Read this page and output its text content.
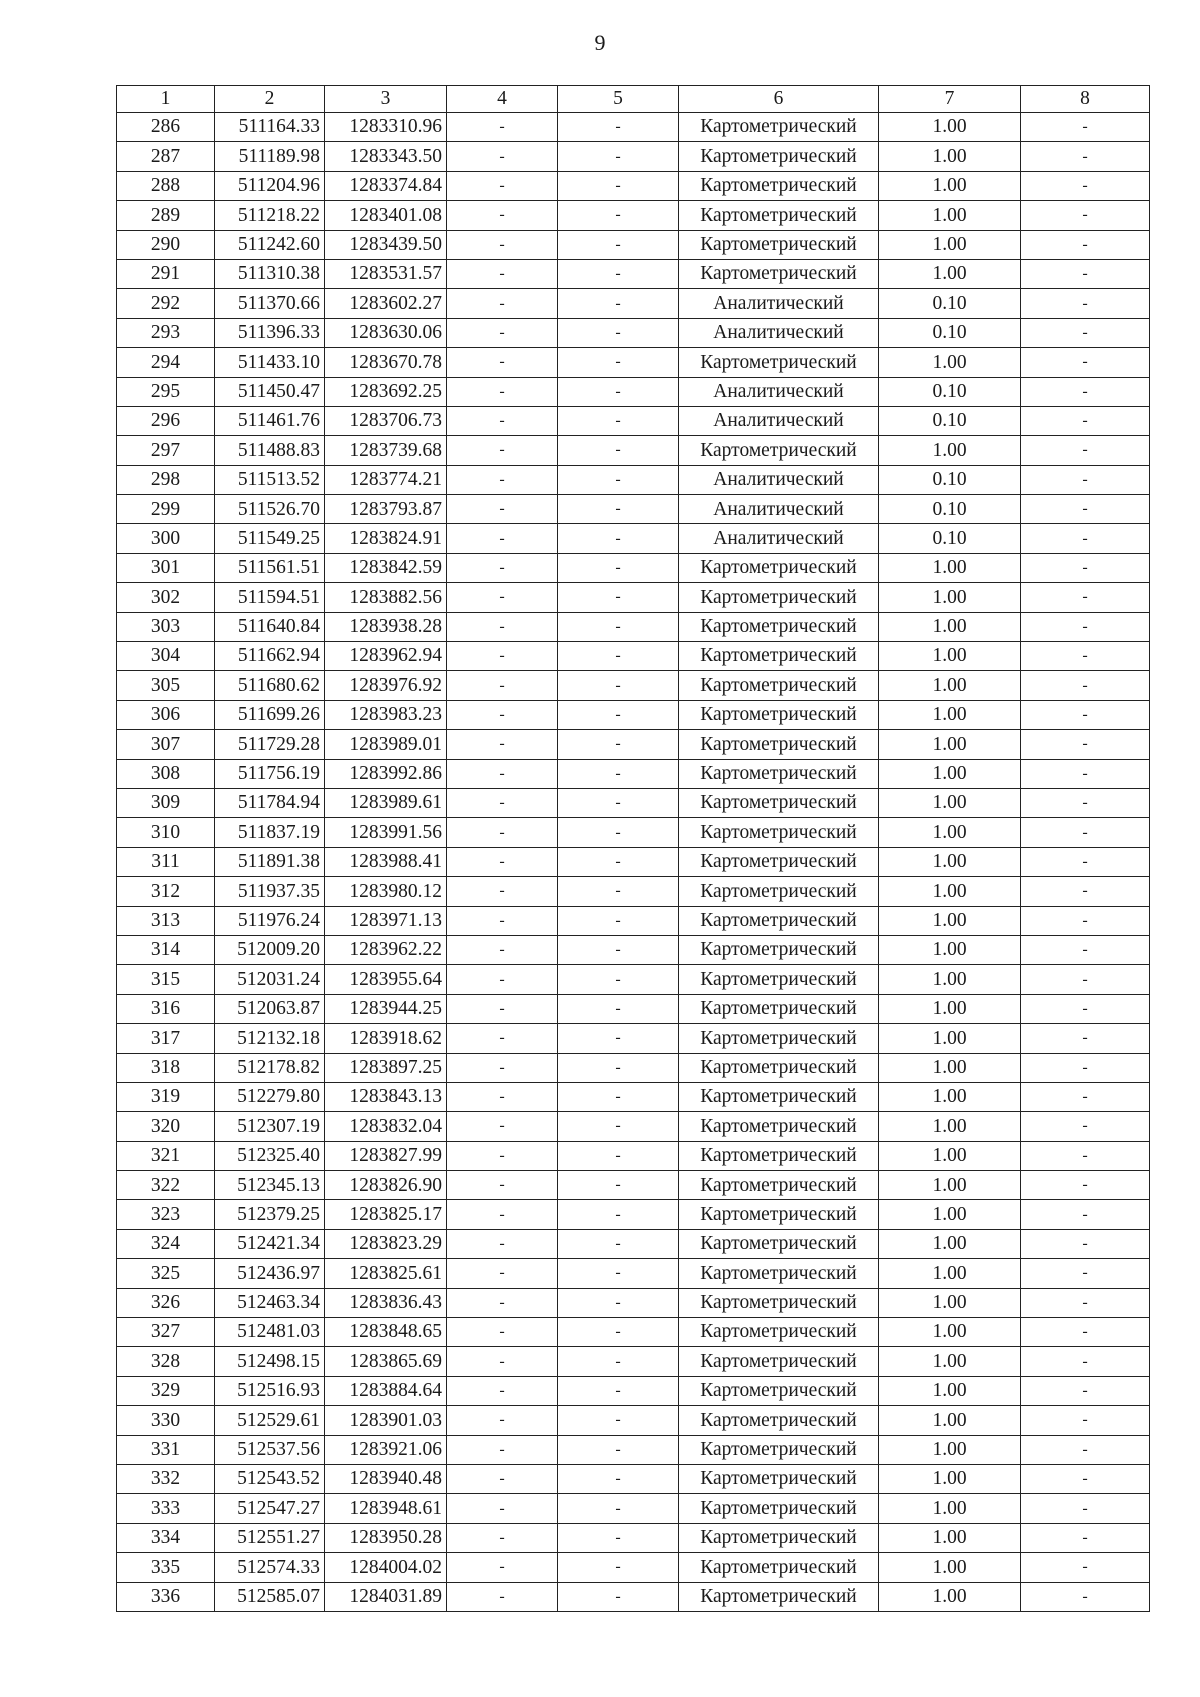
9
1	2	3	4	5	6	7	8
286	511164.33	1283310.96	-	-	Картометрический	1.00	-
287	511189.98	1283343.50	-	-	Картометрический	1.00	-
288	511204.96	1283374.84	-	-	Картометрический	1.00	-
289	511218.22	1283401.08	-	-	Картометрический	1.00	-
290	511242.60	1283439.50	-	-	Картометрический	1.00	-
291	511310.38	1283531.57	-	-	Картометрический	1.00	-
292	511370.66	1283602.27	-	-	Аналитический	0.10	-
293	511396.33	1283630.06	-	-	Аналитический	0.10	-
294	511433.10	1283670.78	-	-	Картометрический	1.00	-
295	511450.47	1283692.25	-	-	Аналитический	0.10	-
296	511461.76	1283706.73	-	-	Аналитический	0.10	-
297	511488.83	1283739.68	-	-	Картометрический	1.00	-
298	511513.52	1283774.21	-	-	Аналитический	0.10	-
299	511526.70	1283793.87	-	-	Аналитический	0.10	-
300	511549.25	1283824.91	-	-	Аналитический	0.10	-
301	511561.51	1283842.59	-	-	Картометрический	1.00	-
302	511594.51	1283882.56	-	-	Картометрический	1.00	-
303	511640.84	1283938.28	-	-	Картометрический	1.00	-
304	511662.94	1283962.94	-	-	Картометрический	1.00	-
305	511680.62	1283976.92	-	-	Картометрический	1.00	-
306	511699.26	1283983.23	-	-	Картометрический	1.00	-
307	511729.28	1283989.01	-	-	Картометрический	1.00	-
308	511756.19	1283992.86	-	-	Картометрический	1.00	-
309	511784.94	1283989.61	-	-	Картометрический	1.00	-
310	511837.19	1283991.56	-	-	Картометрический	1.00	-
311	511891.38	1283988.41	-	-	Картометрический	1.00	-
312	511937.35	1283980.12	-	-	Картометрический	1.00	-
313	511976.24	1283971.13	-	-	Картометрический	1.00	-
314	512009.20	1283962.22	-	-	Картометрический	1.00	-
315	512031.24	1283955.64	-	-	Картометрический	1.00	-
316	512063.87	1283944.25	-	-	Картометрический	1.00	-
317	512132.18	1283918.62	-	-	Картометрический	1.00	-
318	512178.82	1283897.25	-	-	Картометрический	1.00	-
319	512279.80	1283843.13	-	-	Картометрический	1.00	-
320	512307.19	1283832.04	-	-	Картометрический	1.00	-
321	512325.40	1283827.99	-	-	Картометрический	1.00	-
322	512345.13	1283826.90	-	-	Картометрический	1.00	-
323	512379.25	1283825.17	-	-	Картометрический	1.00	-
324	512421.34	1283823.29	-	-	Картометрический	1.00	-
325	512436.97	1283825.61	-	-	Картометрический	1.00	-
326	512463.34	1283836.43	-	-	Картометрический	1.00	-
327	512481.03	1283848.65	-	-	Картометрический	1.00	-
328	512498.15	1283865.69	-	-	Картометрический	1.00	-
329	512516.93	1283884.64	-	-	Картометрический	1.00	-
330	512529.61	1283901.03	-	-	Картометрический	1.00	-
331	512537.56	1283921.06	-	-	Картометрический	1.00	-
332	512543.52	1283940.48	-	-	Картометрический	1.00	-
333	512547.27	1283948.61	-	-	Картометрический	1.00	-
334	512551.27	1283950.28	-	-	Картометрический	1.00	-
335	512574.33	1284004.02	-	-	Картометрический	1.00	-
336	512585.07	1284031.89	-	-	Картометрический	1.00	-
